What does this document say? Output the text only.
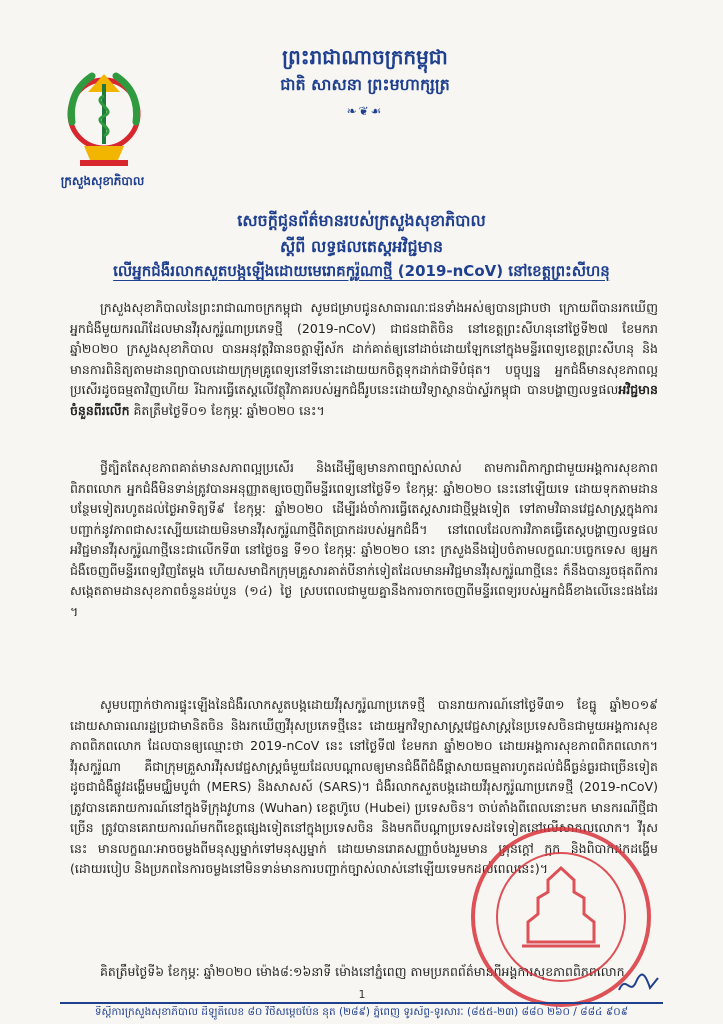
ក្រសួងសុខាភិបាល
ព្រះរាជាណាចក្រកម្ពុជា
ជាតិ សាសនា ព្រះមហាក្សត្រ
❧❦☙
សេចក្តីជូនព័ត៌មានរបស់ក្រសួងសុខាភិបាល
ស្តីពី លទ្ធផលតេស្តអវិជ្ជមាន
លើអ្នកជំងឺរលាកសួតបង្កឡើងដោយមេរោគកូរ៉ូណាថ្មី (2019-nCoV) នៅខេត្តព្រះសីហនុ
ក្រសួងសុខាភិបាលនៃព្រះរាជាណាចក្រកម្ពុជា សូមជម្រាបជូនសាធារណៈជនទាំងអស់ឲ្យបានជ្រាបថា ក្រោយពីបានរកឃើញអ្នកជំងឺមួយករណីដែលមានវីរុសកូរ៉ូណាប្រភេទថ្មី (2019-nCoV) ជាជនជាតិចិន នៅខេត្តព្រះសីហនុនៅថ្ងៃទី២៧ ខែមករា ឆ្នាំ២០២០ ក្រសួងសុខាភិបាល បានអនុវត្តវិធានចត្តាឡីស័ក ដាក់គាត់ឲ្យនៅដាច់ដោយឡែកនៅក្នុងមន្ទីរពេទ្យខេត្តព្រះសីហនុ និងមានការពិនិត្យតាមដានព្យាបាលដោយក្រុមគ្រូពេទ្យនៅទីនោះដោយយកចិត្តទុកដាក់ជាទីបំផុត។ បច្ចុប្បន្ន អ្នកជំងឺមានសុខភាពល្អប្រសើរដូចធម្មតាវិញហើយ រីឯការធ្វើតេស្តលើវត្ថុវិភាគរបស់អ្នកជំងឺរូបនេះដោយវិទ្យាស្ថានប៉ាស្ទ័រកម្ពុជា បានបង្ហាញលទ្ធផលអវិជ្ជមានចំនួនពីរលើក គិតត្រឹមថ្ងៃទី០១ ខែកុម្ភៈ ឆ្នាំ២០២០ នេះ។
ថ្វីត្បិតតែសុខភាពគាត់មានសភាពល្អប្រសើរ និងដើម្បីឲ្យមានភាពច្បាស់លាស់ តាមការពិភាក្សាជាមួយអង្គការសុខភាពពិភពលោក អ្នកជំងឺមិនទាន់ត្រូវបានអនុញ្ញាតឲ្យចេញពីមន្ទីរពេទ្យនៅថ្ងៃទី១ ខែកុម្ភៈ ឆ្នាំ២០២០ នេះនៅឡើយទេ ដោយទុកតាមដានបន្ថែមទៀតរហូតដល់ថ្ងៃអាទិត្យទី៩ ខែកុម្ភៈ ឆ្នាំ២០២០ ដើម្បីរង់ចាំការធ្វើតេស្តសារជាថ្មីម្តងទៀត ទៅតាមវិធានវេជ្ជសាស្ត្រក្នុងការបញ្ជាក់នូវភាពជាសះស្បើយដោយមិនមានវីរុសកូរ៉ូណាថ្មីពិតប្រាកដរបស់អ្នកជំងឺ។ នៅពេលដែលការវិភាគធ្វើតេស្តបង្ហាញលទ្ធផលអវិជ្ជមានវីរុសកូរ៉ូណាថ្មីនេះជាលើកទី៣ នៅថ្ងៃចន្ទ ទី១០ ខែកុម្ភៈ ឆ្នាំ២០២០ នោះ ក្រសួងនឹងរៀបចំតាមលក្ខណៈបច្ចេកទេស ឲ្យអ្នកជំងឺចេញពីមន្ទីរពេទ្យវិញតែម្តង ហើយសមាជិកក្រុមគ្រួសារគាត់បីនាក់ទៀតដែលមានអវិជ្ជមានវីរុសកូរ៉ូណាថ្មីនេះ ក៏នឹងបានរួចផុតពីការសង្កេតតាមដានសុខភាពចំនួនដប់បួន (១៤) ថ្ងៃ ស្របពេលជាមួយគ្នានឹងការចាកចេញពីមន្ទីរពេទ្យរបស់អ្នកជំងឺខាងលើនេះផងដែរ ។
សូមបញ្ជាក់ថាការផ្ទុះឡើងនៃជំងឺរលាកសួតបង្កដោយវីរុសកូរ៉ូណាប្រភេទថ្មី បានរាយការណ៍នៅថ្ងៃទី៣១ ខែធ្នូ ឆ្នាំ២០១៩ ដោយសាធារណរដ្ឋប្រជាមានិតចិន និងរកឃើញវីរុសប្រភេទថ្មីនេះ ដោយអ្នកវិទ្យាសាស្ត្រវេជ្ជសាស្ត្រនៃប្រទេសចិនជាមួយអង្គការសុខភាពពិភពលោក ដែលបានឲ្យឈ្មោះថា 2019-nCoV នេះ នៅថ្ងៃទី៧ ខែមករា ឆ្នាំ២០២០ ដោយអង្គការសុខភាពពិភពលោក។ វីរុសកូរ៉ូណា គឺជាក្រុមគ្រួសារវីរុសវេជ្ជសាស្ត្រធំមួយដែលបណ្តាលឲ្យមានជំងឺពីជំងឺផ្តាសាយធម្មតារហូតដល់ជំងឺធ្ងន់ធ្ងរជាច្រើនទៀតដូចជាជំងឺផ្លូវដង្ហើមមជ្ឈិមបូព៌ា (MERS) និងសាសស៍ (SARS)។ ជំងឺរលាកសួតបង្កដោយវីរុសកូរ៉ូណាប្រភេទថ្មី (2019-nCoV) ត្រូវបានគេរាយការណ៍នៅក្នុងទីក្រុងវូហាន (Wuhan) ខេត្តហ៊ូបេ (Hubei) ប្រទេសចិន។ ចាប់តាំងពីពេលនោះមក មានករណីថ្មីជាច្រើន ត្រូវបានគេរាយការណ៍មកពីខេត្តផ្សេងទៀតនៅក្នុងប្រទេសចិន និងមកពីបណ្តាប្រទេសដទៃទៀតនៅលើសាកលលោក។ វីរុសនេះ មានលក្ខណៈអាចចម្លងពីមនុស្សម្នាក់ទៅមនុស្សម្នាក់ ដោយមានរោគសញ្ញាចំបងរួមមាន គ្រុនក្តៅ ក្អក និងពិបាកដកដង្ហើម (ដោយរបៀប និងប្រភពនៃការចម្លងនៅមិនទាន់មានការបញ្ជាក់ច្បាស់លាស់នៅឡើយទេមកដល់ពេលនេះ)។
គិតត្រឹមថ្ងៃទី៦ ខែកុម្ភៈ ឆ្នាំ២០២០ ម៉ោង៨:១៦នាទី ម៉ោងនៅភ្នំពេញ តាមប្រភពព័ត៌មានពីអង្គការសុខភាពពិភពលោក
1
ទីស្តីការក្រសួងសុខាភិបាល ដីឡូតិ៍លេខ ៨០ វិថីសម្តេចប៉ែន នុត (២៨៩) ភ្នំពេញ ទូរស័ព្ទ-ទូរសារៈ (៨៥៥-២៣) ៨៨០ ២៦០ / ៨៨៤ ៩០៩
